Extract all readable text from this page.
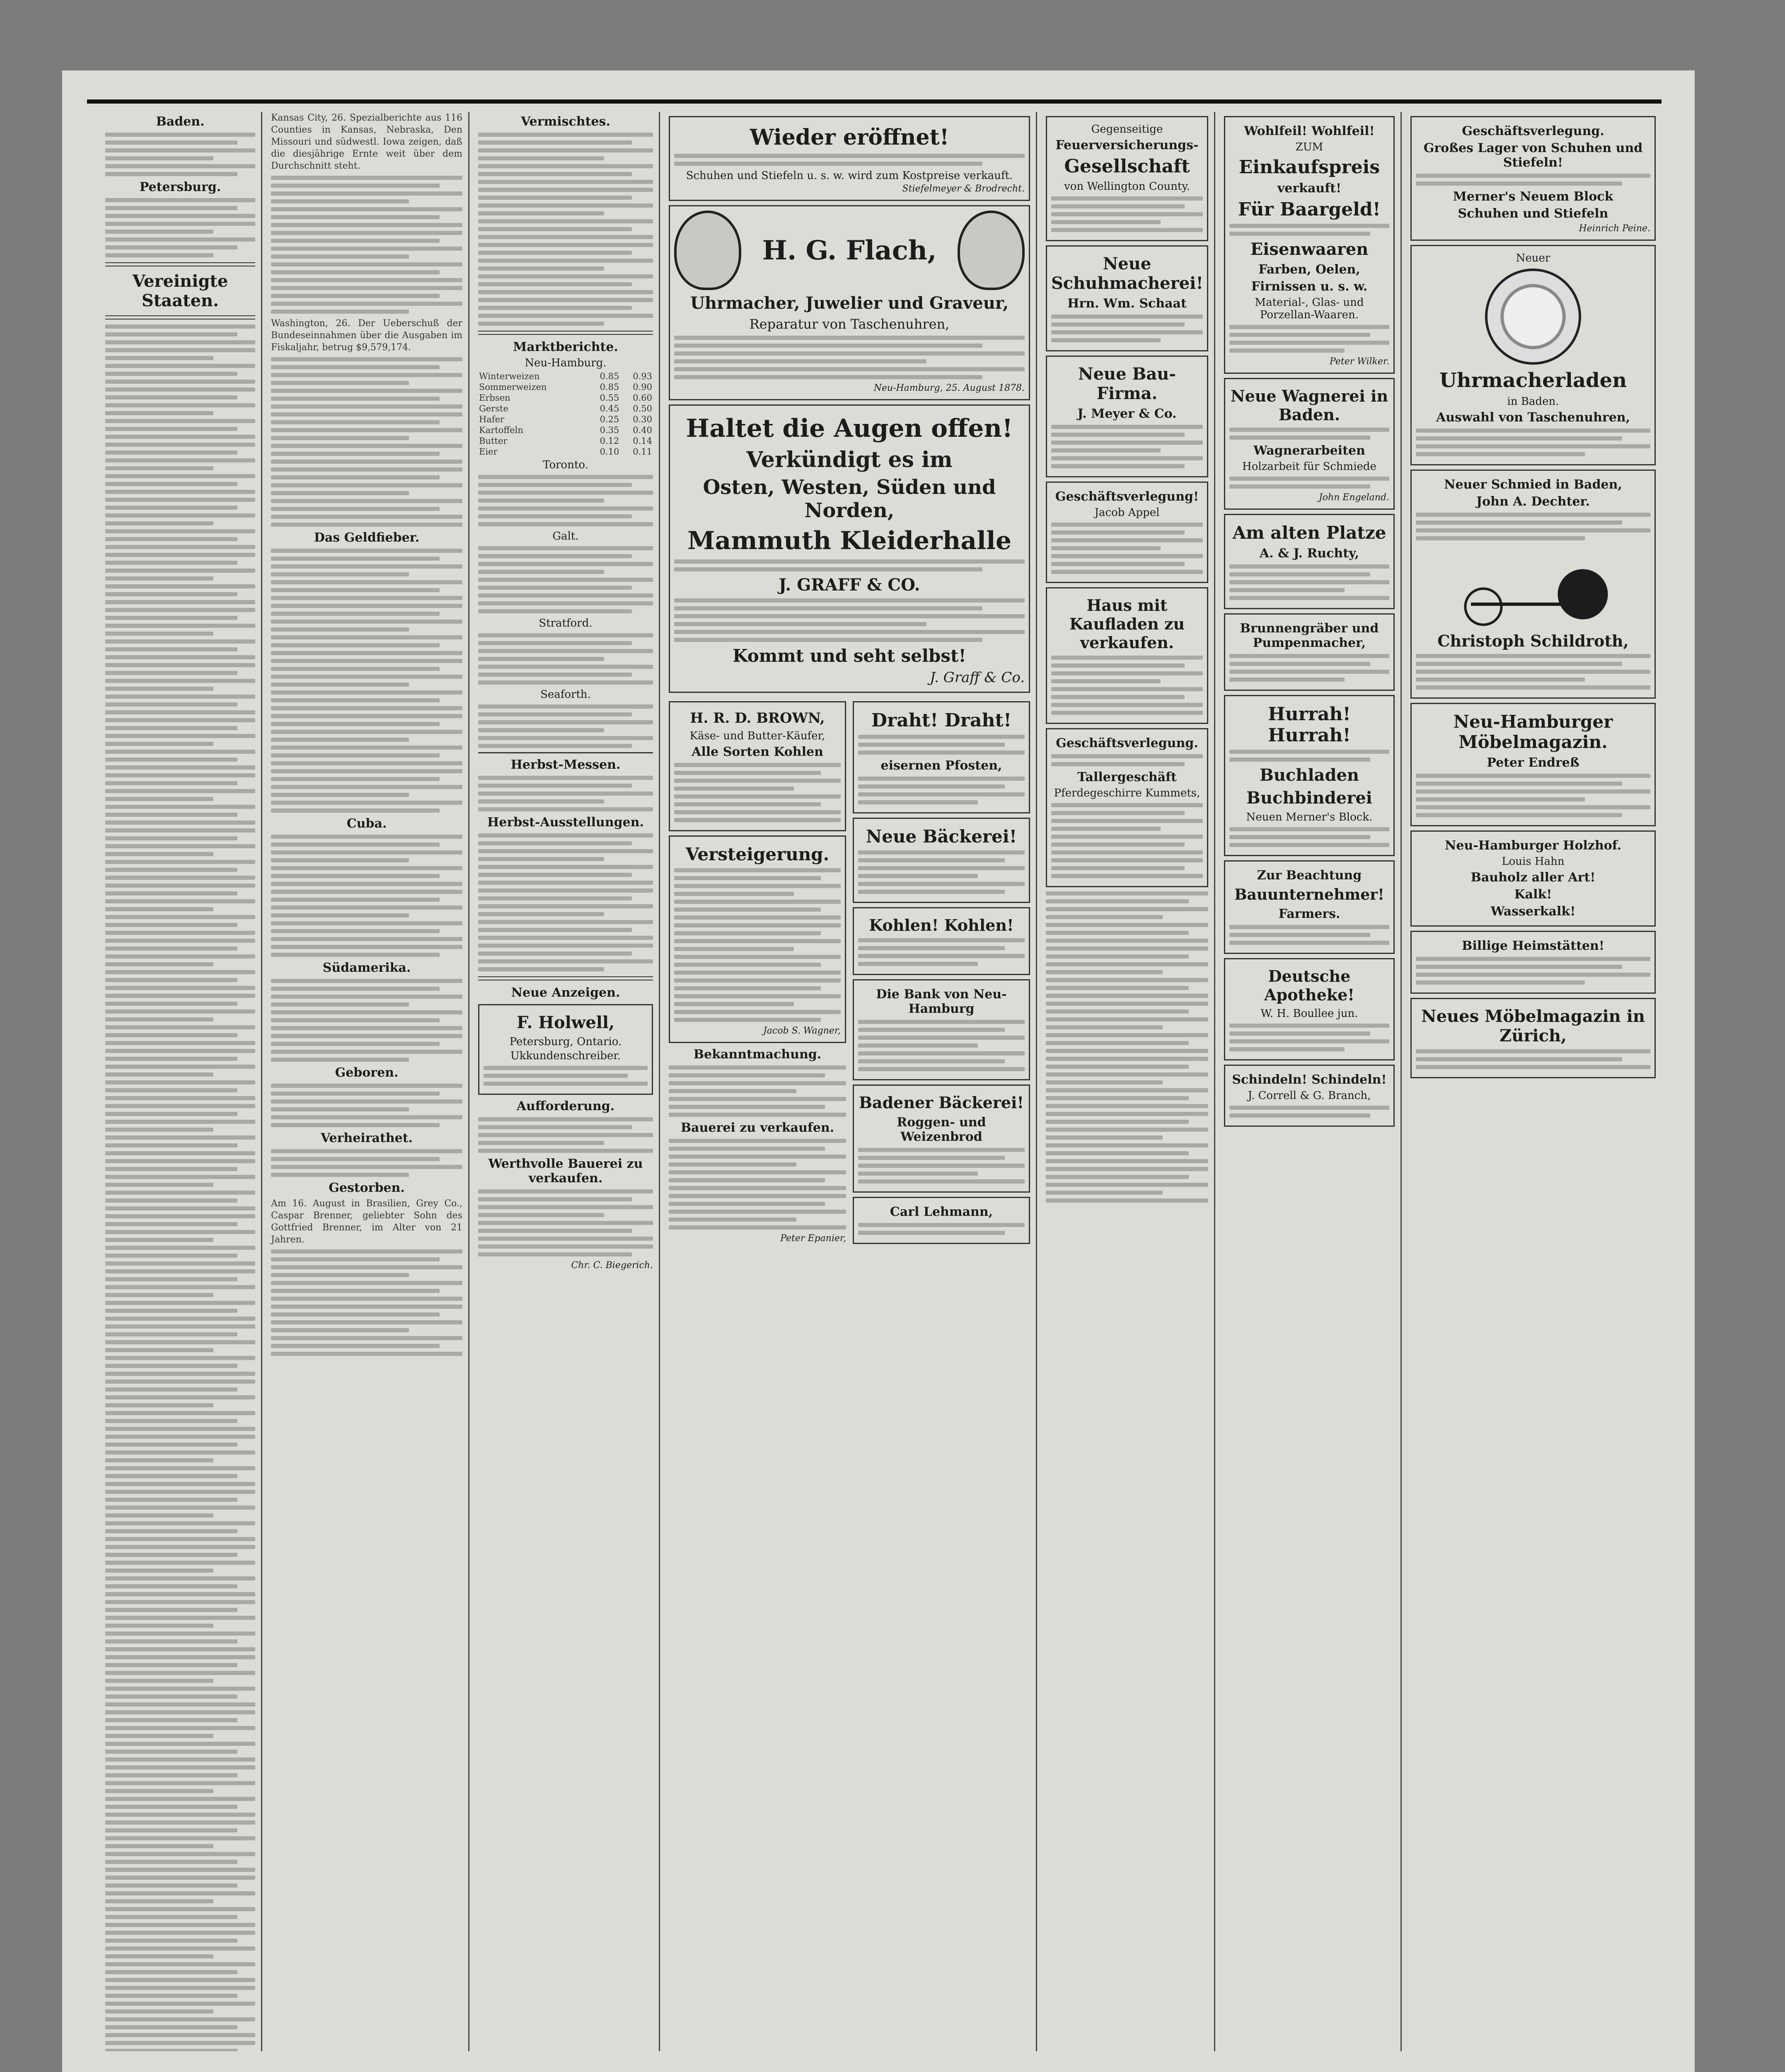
Baden.
Petersburg.
Vereinigte Staaten.
Kansas City, 26. Spezialberichte aus 116 Counties in Kansas, Nebraska, Den Missouri und südwestl. Iowa zeigen, daß die diesjährige Ernte weit über dem Durchschnitt steht.
Washington, 26. Der Ueberschuß der Bundeseinnahmen über die Ausgaben im Fiskaljahr, betrug $9,579,174.
Das Geldfieber.
Cuba.
Südamerika.
Geboren.
Verheirathet.
Gestorben.
Am 16. August in Brasilien, Grey Co., Caspar Brenner, geliebter Sohn des Gottfried Brenner, im Alter von 21 Jahren.
Vermischtes.
Marktberichte.
Neu-Hamburg.
Winterweizen	0.85	0.93
Sommerweizen	0.85	0.90
Erbsen	0.55	0.60
Gerste	0.45	0.50
Hafer	0.25	0.30
Kartoffeln	0.35	0.40
Butter	0.12	0.14
Eier	0.10	0.11
Toronto.
Galt.
Stratford.
Seaforth.
Herbst-Messen.
Herbst-Ausstellungen.
Neue Anzeigen.
F. Holwell,
Petersburg, Ontario.
Ukkundenschreiber.
Aufforderung.
Werthvolle Bauerei zu verkaufen.
Chr. C. Biegerich.
Wieder eröffnet!
Schuhen und Stiefeln u. s. w. wird zum Kostpreise verkauft.
Stiefelmeyer & Brodrecht.
H. G. Flach,
Uhrmacher, Juwelier und Graveur,
Reparatur von Taschenuhren,
Neu-Hamburg, 25. August 1878.
Haltet die Augen offen!
Verkündigt es im
Osten, Westen, Süden und Norden,
Mammuth Kleiderhalle
J. GRAFF & CO.
Kommt und seht selbst!
J. Graff & Co.
H. R. D. BROWN,
Käse- und Butter-Käufer,
Alle Sorten Kohlen
Versteigerung.
Jacob S. Wagner,
Bekanntmachung.
Bauerei zu verkaufen.
Peter Epanier,
Draht! Draht!
eisernen Pfosten,
Neue Bäckerei!
Kohlen! Kohlen!
Die Bank von Neu-Hamburg
Badener Bäckerei!
Roggen- und Weizenbrod
Carl Lehmann,
Gegenseitige
Feuerversicherungs-
Gesellschaft
von Wellington County.
Neue Schuhmacherei!
Hrn. Wm. Schaat
Neue Bau-Firma.
J. Meyer & Co.
Geschäftsverlegung!
Jacob Appel
Haus mit Kaufladen zu verkaufen.
Geschäftsverlegung.
Tallergeschäft
Pferdegeschirre Kummets,
Wohlfeil! Wohlfeil!
ZUM
Einkaufspreis
verkauft!
Für Baargeld!
Eisenwaaren
Farben, Oelen,
Firnissen u. s. w.
Material-, Glas- und Porzellan-Waaren.
Peter Wilker.
Neue Wagnerei in Baden.
Wagnerarbeiten
Holzarbeit für Schmiede
John Engeland.
Am alten Platze
A. & J. Ruchty,
Brunnengräber und Pumpenmacher,
Hurrah! Hurrah!
Buchladen
Buchbinderei
Neuen Merner's Block.
Zur Beachtung
Bauunternehmer!
Farmers.
Deutsche Apotheke!
W. H. Boullee jun.
Schindeln! Schindeln!
J. Correll & G. Branch,
Geschäftsverlegung.
Großes Lager von Schuhen und Stiefeln!
Merner's Neuem Block
Schuhen und Stiefeln
Heinrich Peine.
Neuer
Uhrmacherladen
in Baden.
Auswahl von Taschenuhren,
Neuer Schmied in Baden,
John A. Dechter.
Christoph Schildroth,
Neu-Hamburger Möbelmagazin.
Peter Endreß
Neu-Hamburger Holzhof.
Louis Hahn
Bauholz aller Art!
Kalk!
Wasserkalk!
Billige Heimstätten!
Neues Möbelmagazin in Zürich,
